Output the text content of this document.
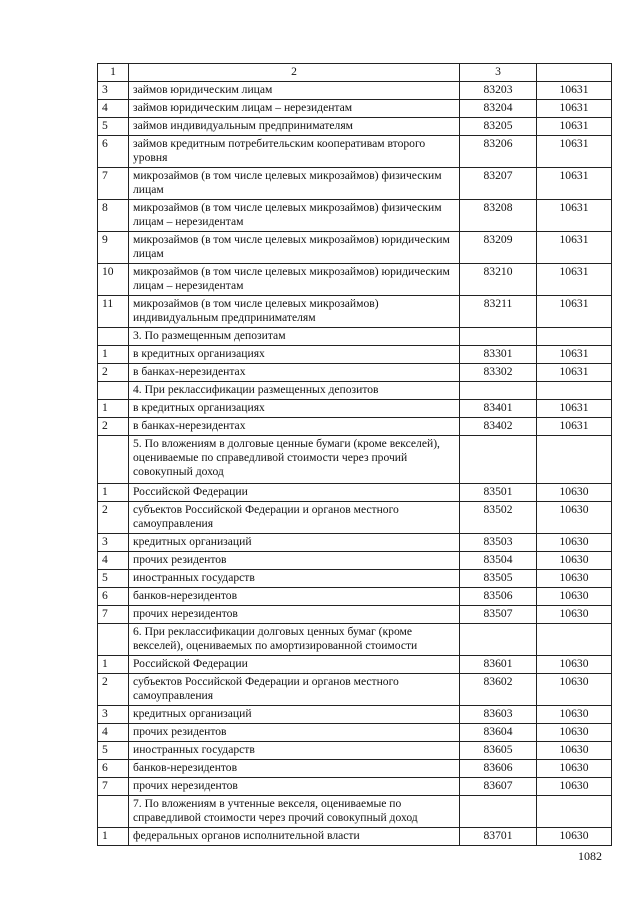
1	2	3	
3	займов юридическим лицам	83203	10631
4	займов юридическим лицам – нерезидентам	83204	10631
5	займов индивидуальным предпринимателям	83205	10631
6	займов кредитным потребительским кооперативам второго уровня	83206	10631
7	микрозаймов (в том числе целевых микрозаймов) физическим лицам	83207	10631
8	микрозаймов (в том числе целевых микрозаймов) физическим лицам – нерезидентам	83208	10631
9	микрозаймов (в том числе целевых микрозаймов) юридическим лицам	83209	10631
10	микрозаймов (в том числе целевых микрозаймов) юридическим лицам – нерезидентам	83210	10631
11	микрозаймов (в том числе целевых микрозаймов) индивидуальным предпринимателям	83211	10631
	3. По размещенным депозитам		
1	в кредитных организациях	83301	10631
2	в банках-нерезидентах	83302	10631
	4. При реклассификации размещенных депозитов		
1	в кредитных организациях	83401	10631
2	в банках-нерезидентах	83402	10631
	5. По вложениям в долговые ценные бумаги (кроме векселей), оцениваемые по справедливой стоимости через прочий совокупный доход		
1	Российской Федерации	83501	10630
2	субъектов Российской Федерации и органов местного самоуправления	83502	10630
3	кредитных организаций	83503	10630
4	прочих резидентов	83504	10630
5	иностранных государств	83505	10630
6	банков-нерезидентов	83506	10630
7	прочих нерезидентов	83507	10630
	6. При реклассификации долговых ценных бумаг (кроме векселей), оцениваемых по амортизированной стоимости		
1	Российской Федерации	83601	10630
2	субъектов Российской Федерации и органов местного самоуправления	83602	10630
3	кредитных организаций	83603	10630
4	прочих резидентов	83604	10630
5	иностранных государств	83605	10630
6	банков-нерезидентов	83606	10630
7	прочих нерезидентов	83607	10630
	7. По вложениям в учтенные векселя, оцениваемые по справедливой стоимости через прочий совокупный доход		
1	федеральных органов исполнительной власти	83701	10630
1082
